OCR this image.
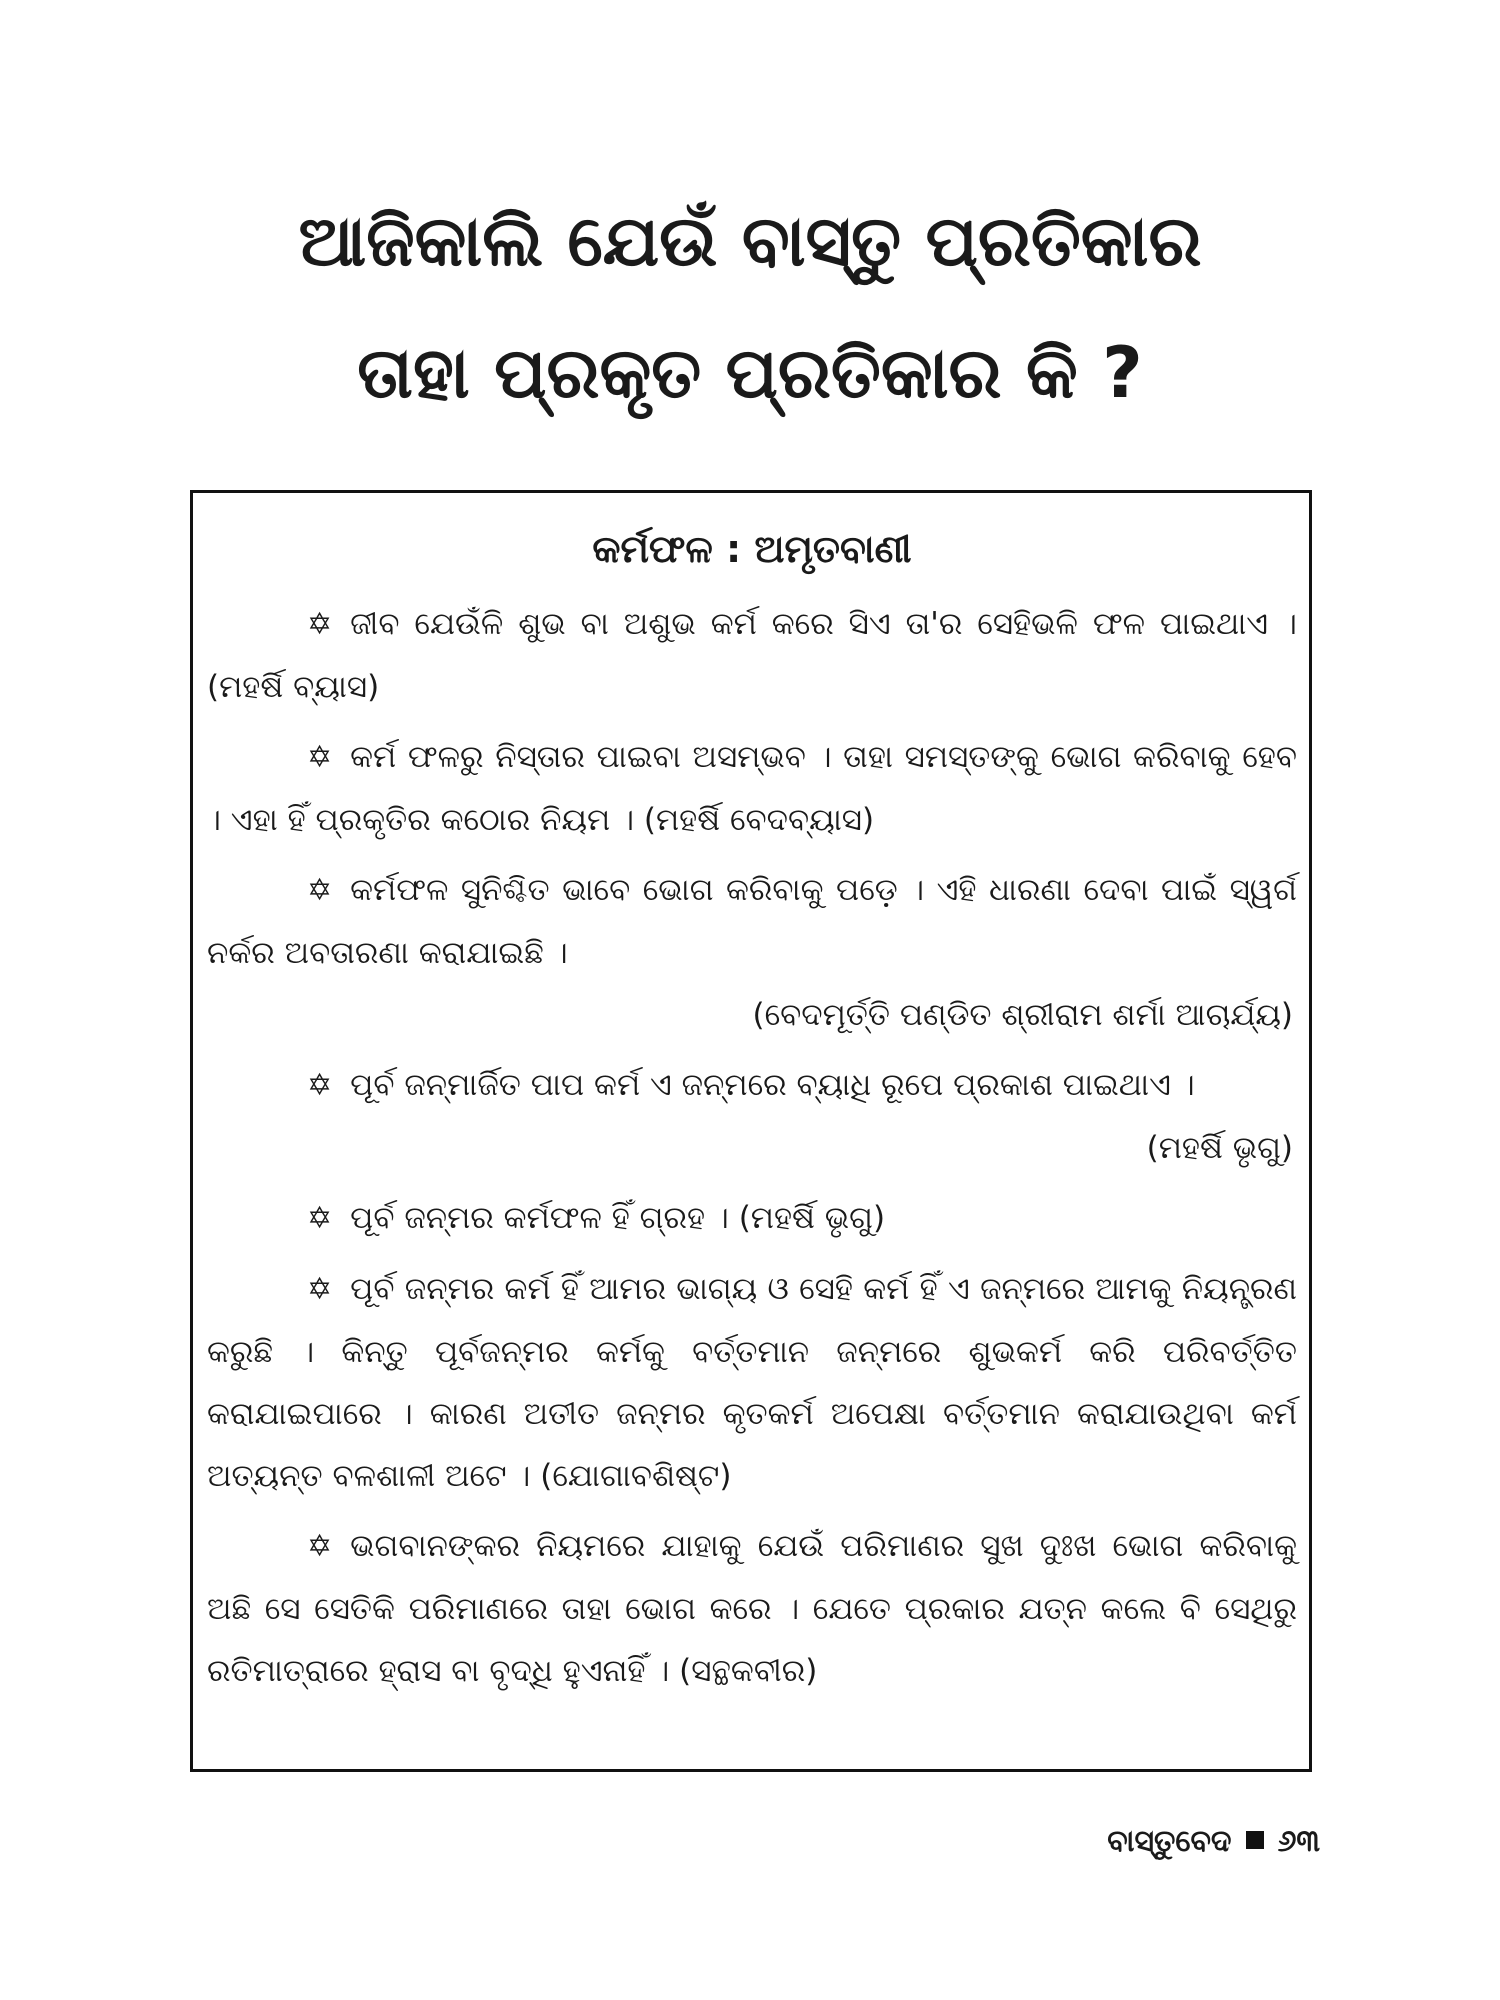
ଆଜିକାଲି ଯେଉଁ ବାସ୍ତୁ ପ୍ରତିକାର
ତାହା ପ୍ରକୃତ ପ୍ରତିକାର କି ?
କର୍ମଫଳ : ଅମୃତବାଣୀ

✡ ଜୀବ ଯେଉଁଳି ଶୁଭ ବା ଅଶୁଭ କର୍ମ କରେ ସିଏ ତା'ର ସେହିଭଳି ଫଳ ପାଇଥାଏ । (ମହର୍ଷି ବ୍ୟାସ)

✡ କର୍ମ ଫଳରୁ ନିସ୍ତାର ପାଇବା ଅସମ୍ଭବ । ତାହା ସମସ୍ତଙ୍କୁ ଭୋଗ କରିବାକୁ ହେବ । ଏହା ହିଁ ପ୍ରକୃତିର କଠୋର ନିୟମ । (ମହର୍ଷି ବେଦବ୍ୟାସ)

✡ କର୍ମଫଳ ସୁନିଶ୍ଚିତ ଭାବେ ଭୋଗ କରିବାକୁ ପଡ଼େ । ଏହି ଧାରଣା ଦେବା ପାଇଁ ସ୍ୱର୍ଗ ନର୍କର ଅବତାରଣା କରାଯାଇଛି ।
(ବେଦମୂର୍ତ୍ତି ପଣ୍ଡିତ ଶ୍ରୀରାମ ଶର୍ମା ଆଚାର୍ଯ୍ୟ)

✡ ପୂର୍ବ ଜନ୍ମାର୍ଜିତ ପାପ କର୍ମ ଏ ଜନ୍ମରେ ବ୍ୟାଧି ରୂପେ ପ୍ରକାଶ ପାଇଥାଏ ।
(ମହର୍ଷି ଭୃଗୁ)

✡ ପୂର୍ବ ଜନ୍ମର କର୍ମଫଳ ହିଁ ଗ୍ରହ । (ମହର୍ଷି ଭୃଗୁ)

✡ ପୂର୍ବ ଜନ୍ମର କର୍ମ ହିଁ ଆମର ଭାଗ୍ୟ ଓ ସେହି କର୍ମ ହିଁ ଏ ଜନ୍ମରେ ଆମକୁ ନିୟନ୍ତ୍ରଣ କରୁଛି । କିନ୍ତୁ ପୂର୍ବଜନ୍ମର କର୍ମକୁ ବର୍ତ୍ତମାନ ଜନ୍ମରେ ଶୁଭକର୍ମ କରି ପରିବର୍ତ୍ତିତ କରାଯାଇପାରେ । କାରଣ ଅତୀତ ଜନ୍ମର କୃତକର୍ମ ଅପେକ୍ଷା ବର୍ତ୍ତମାନ କରାଯାଉଥିବା କର୍ମ ଅତ୍ୟନ୍ତ ବଳଶାଳୀ ଅଟେ । (ଯୋଗାବଶିଷ୍ଟ)

✡ ଭଗବାନଙ୍କର ନିୟମରେ ଯାହାକୁ ଯେଉଁ ପରିମାଣର ସୁଖ ଦୁଃଖ ଭୋଗ କରିବାକୁ ଅଛି ସେ ସେତିକି ପରିମାଣରେ ତାହା ଭୋଗ କରେ । ଯେତେ ପ୍ରକାର ଯତ୍ନ କଲେ ବି ସେଥିରୁ ରତିମାତ୍ରାରେ ହ୍ରାସ ବା ବୃଦ୍ଧି ହୁଏନାହିଁ । (ସନ୍ଥକବୀର)

ବାସ୍ତୁବେଦ ୬୩
